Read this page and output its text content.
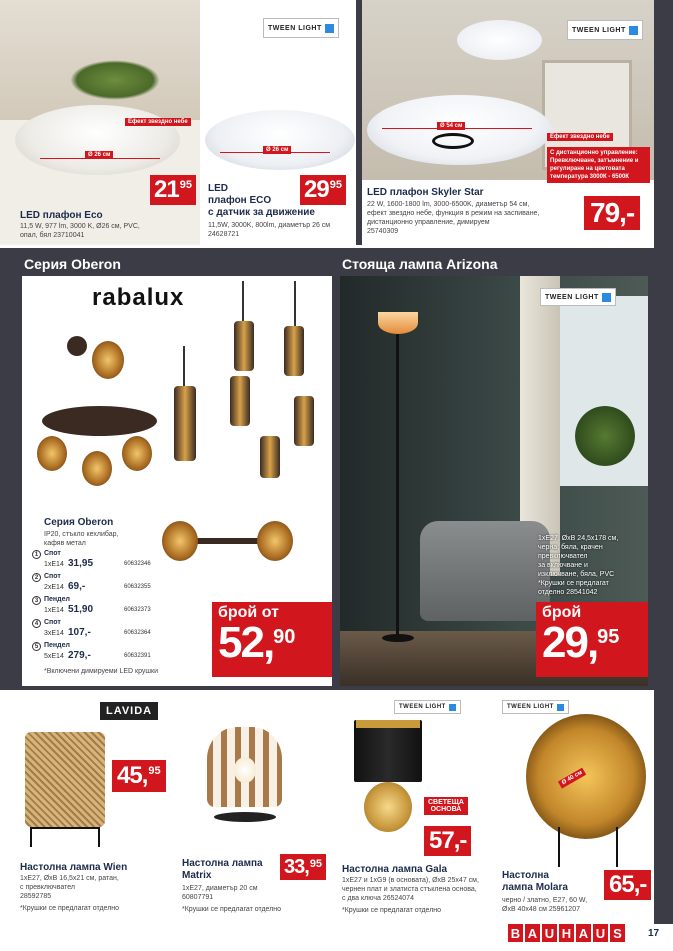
Ефект звездно небе
Ø 26 см
21 95
LED плафон Eco
11,5 W, 977 lm, 3000 K, Ø26 см, PVC,
опал, бял 23710041
TWEEN LIGHT
Ø 26 см
29 95
LED
плафон ECO
с датчик за движение
11,5W, 3000K, 800lm, диаметър 26 см
24628721
TWEEN LIGHT
Ø 54 см
Ефект звездно небе
С дистанционно управление: Превключване, затъмнение и регулиране на цветовата температура 3000К - 6500К
LED плафон Skyler Star
22 W, 1600-1800 lm, 3000-6500K, диаметър 54 см,
ефект звездно небе, функция в режим на заспиване,
дистанционно управление, димируем
25740309
79,-
Серия Oberon	Стояща лампа Arizona
rabalux
Серия Oberon
IP20, стъкло кехлибар,
кафяв метал
1 Спот
1xE14 31,95	60632346
2 Спот
2xE14 69,-	60632355
3 Пендел
1xE14 51,90	60632373
4 Спот
3xE14 107,-	60632364
5 Пендел
5xE14 279,-	60632391
*Включени димируеми LED крушки
брой от
52, 90
TWEEN LIGHT
1xE27, ØxB 24,5x178 см,
черна, бяла, крачен
превключвател
за включване и
изключване, бяла, PVC
*Крушки се предлагат
отделно 28541042
брой
29, 95
LAVIDA
45, 95
Настолна лампа Wien
1xE27, ØxB 16,5x21 см, ратан,
с превключвател
28592785
*Крушки се предлагат отделно
33, 95
Настолна лампа
Matrix
1xE27, диаметър 20 см
60807791
*Крушки се предлагат отделно
TWEEN LIGHT
СВЕТЕЩА
ОСНОВА
57,-
Настолна лампа Gala
1xE27 и 1xG9 (в основата), ØxB 25x47 см,
чернен плат и златиста стъклена основа,
с два ключа 26524074
*Крушки се предлагат отделно
TWEEN LIGHT
Ø 40 см
65,-
Настолна
лампа Molara
черно / златно, E27, 60 W,
ØxB 40x48 см 25961207
B A U H A U S	17
